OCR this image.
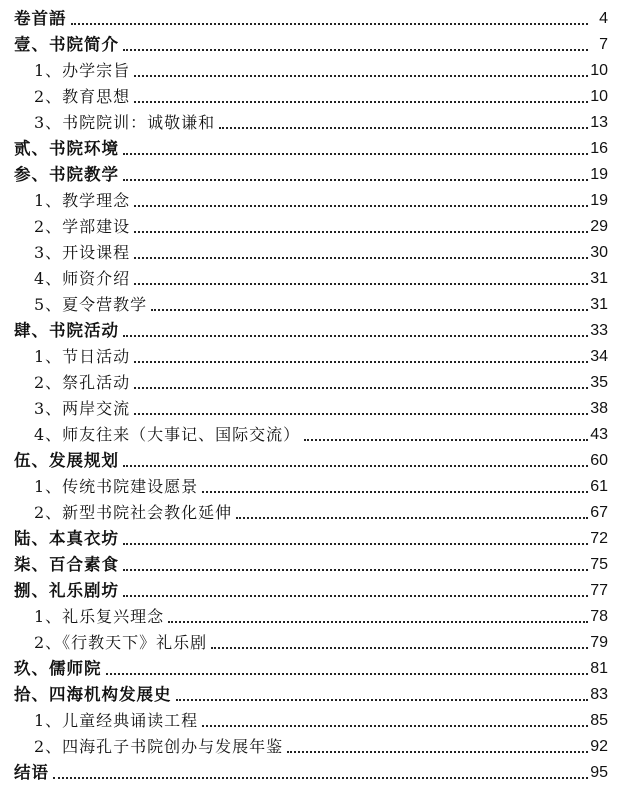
卷首語	4
壹、书院简介	7
1、办学宗旨	10
2、教育思想	10
3、书院院训：诚敬谦和	13
贰、书院环境	16
参、书院教学	19
1、教学理念	19
2、学部建设	29
3、开设课程	30
4、师资介绍	31
5、夏令营教学	31
肆、书院活动	33
1、节日活动	34
2、祭孔活动	35
3、两岸交流	38
4、师友往来（大事记、国际交流）	43
伍、发展规划	60
1、传统书院建设愿景	61
2、新型书院社会教化延伸	67
陆、本真衣坊	72
柒、百合素食	75
捌、礼乐剧坊	77
1、礼乐复兴理念	78
2、《行教天下》礼乐剧	79
玖、儒师院	81
拾、四海机构发展史	83
1、儿童经典诵读工程	85
2、四海孔子书院创办与发展年鉴	92
结语	95
